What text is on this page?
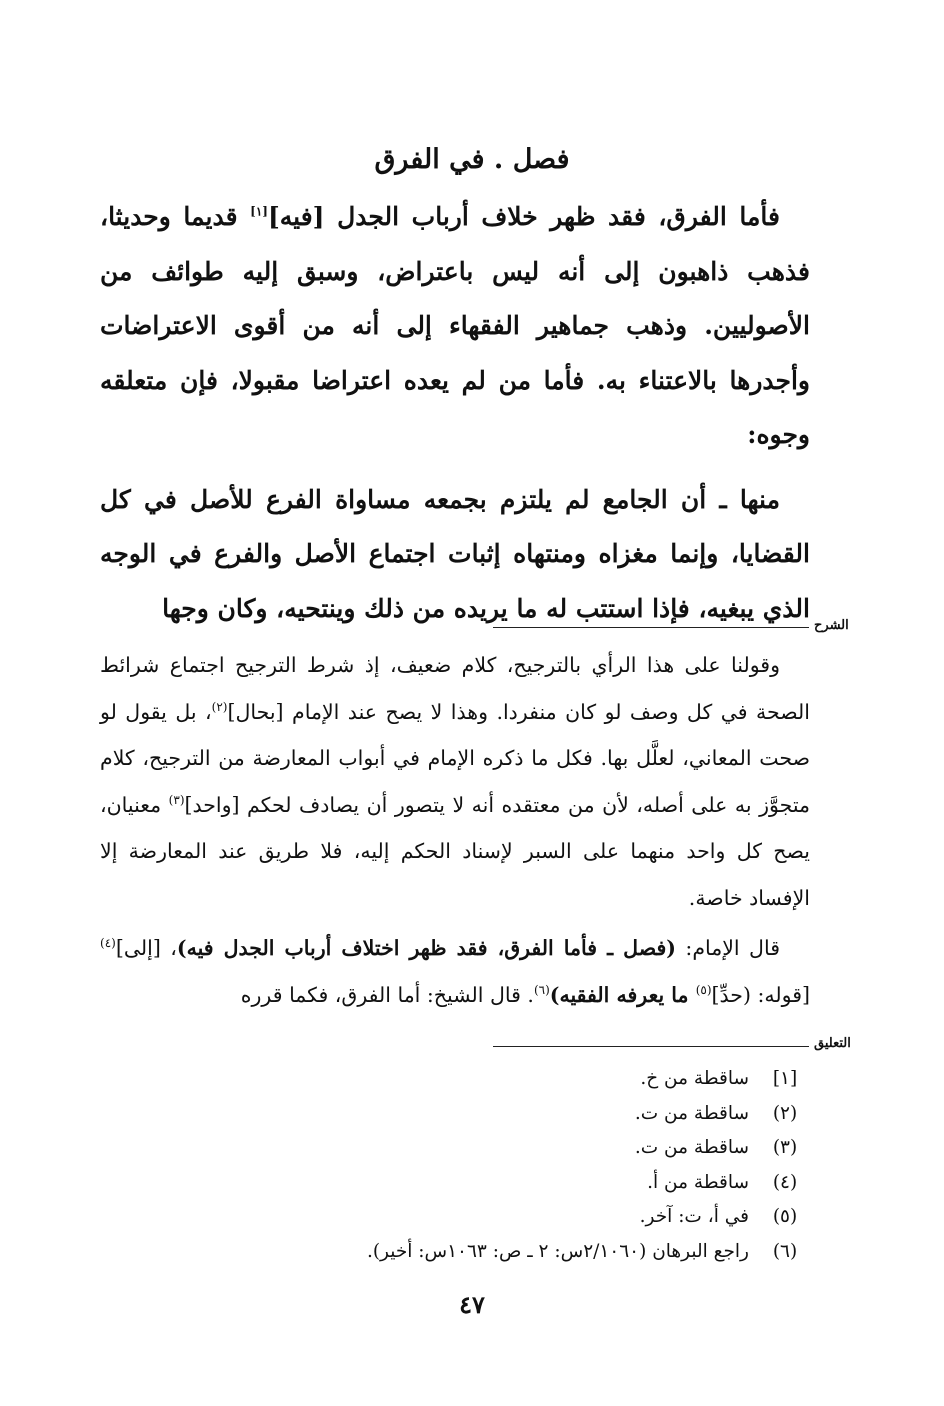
فصل . في الفرق

فأما الفرق، فقد ظهر خلاف أرباب الجدل [فيه][١] قديما وحديثا، فذهب ذاهبون إلى أنه ليس باعتراض، وسبق إليه طوائف من الأصوليين. وذهب جماهير الفقهاء إلى أنه من أقوى الاعتراضات وأجدرها بالاعتناء به. فأما من لم يعده اعتراضا مقبولا، فإن متعلقه وجوه:

منها ـ أن الجامع لم يلتزم بجمعه مساواة الفرع للأصل في كل القضايا، وإنما مغزاه ومنتهاه إثبات اجتماع الأصل والفرع في الوجه الذي يبغيه، فإذا استتب له ما يريده من ذلك وينتحيه، وكان وجها

الشرح

وقولنا على هذا الرأي بالترجيح، كلام ضعيف، إذ شرط الترجيح اجتماع شرائط الصحة في كل وصف لو كان منفردا. وهذا لا يصح عند الإمام [بحال]$^{(٢)}$، بل يقول لو صحت المعاني، لعلَّل بها. فكل ما ذكره الإمام في أبواب المعارضة من الترجيح، كلام متجوَّز به على أصله، لأن من معتقده أنه لا يتصور أن يصادف لحكم [واحد]$^{(٣)}$ معنيان، يصح كل واحد منهما على السبر لإسناد الحكم إليه، فلا طريق عند المعارضة إلا الإفساد خاصة.

قال الإمام: (فصل ـ فأما الفرق، فقد ظهر اختلاف أرباب الجدل فيه)، [إلى]$^{(٤)}$ [قوله: (حدِّ]$^{(٥)}$ ما يعرفه الفقيه)$^{(٦)}$. قال الشيخ: أما الفرق، فكما قرره

التعليق
[١]
ساقطة من خ.
(٢)
ساقطة من ت.
(٣)
ساقطة من ت.
(٤)
ساقطة من أ.
(٥)
في أ، ت: آخر.
(٦)
راجع البرهان (٢/١٠٦٠س: ٢ ـ ص: ١٠٦٣س: أخير).
٤٧
